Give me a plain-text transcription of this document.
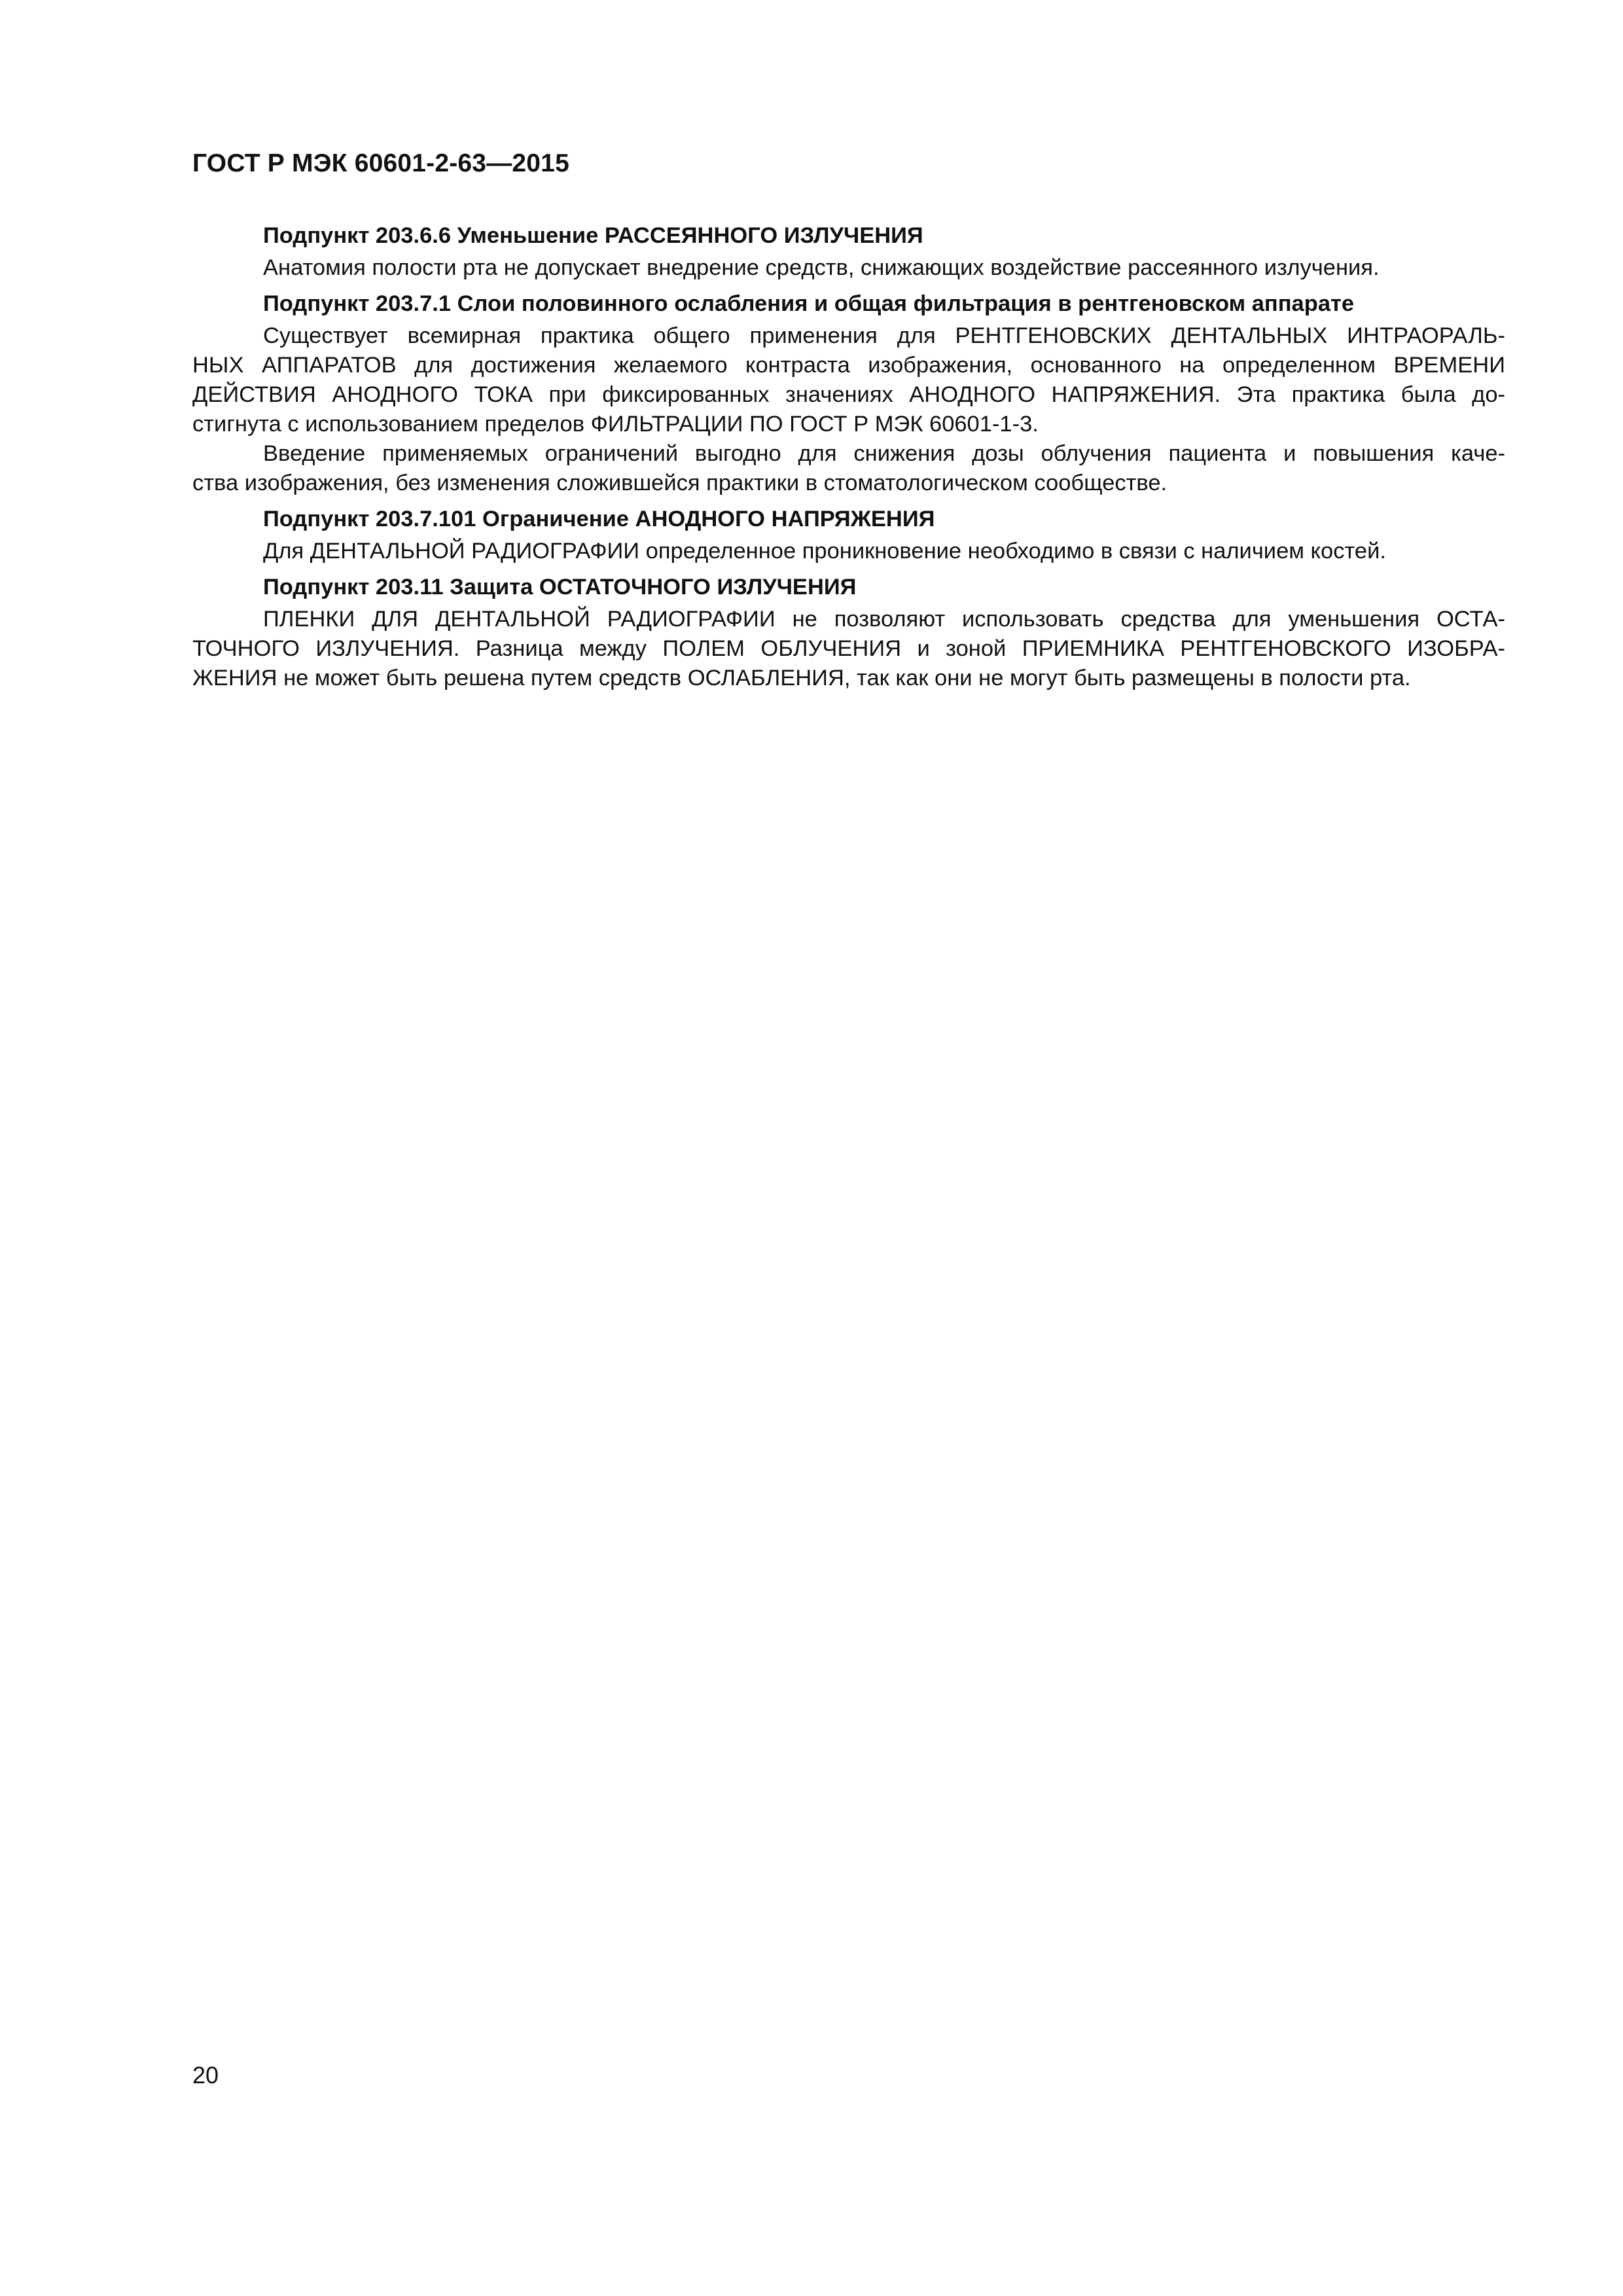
ГОСТ Р МЭК 60601-2-63—2015
Подпункт 203.6.6 Уменьшение РАССЕЯННОГО ИЗЛУЧЕНИЯ
Анатомия полости рта не допускает внедрение средств, снижающих воздействие рассеянного излучения.
Подпункт 203.7.1 Слои половинного ослабления и общая фильтрация в рентгеновском аппарате
Существует всемирная практика общего применения для РЕНТГЕНОВСКИХ ДЕНТАЛЬНЫХ ИНТРАОРАЛЬ-
НЫХ АППАРАТОВ для достижения желаемого контраста изображения, основанного на определенном ВРЕМЕНИ
ДЕЙСТВИЯ АНОДНОГО ТОКА при фиксированных значениях АНОДНОГО НАПРЯЖЕНИЯ. Эта практика была до-
стигнута с использованием пределов ФИЛЬТРАЦИИ ПО ГОСТ Р МЭК 60601-1-3.
Введение применяемых ограничений выгодно для снижения дозы облучения пациента и повышения каче-
ства изображения, без изменения сложившейся практики в стоматологическом сообществе.
Подпункт 203.7.101 Ограничение АНОДНОГО НАПРЯЖЕНИЯ
Для ДЕНТАЛЬНОЙ РАДИОГРАФИИ определенное проникновение необходимо в связи с наличием костей.
Подпункт 203.11 Защита ОСТАТОЧНОГО ИЗЛУЧЕНИЯ
ПЛЕНКИ ДЛЯ ДЕНТАЛЬНОЙ РАДИОГРАФИИ не позволяют использовать средства для уменьшения ОСТА-
ТОЧНОГО ИЗЛУЧЕНИЯ. Разница между ПОЛЕМ ОБЛУЧЕНИЯ и зоной ПРИЕМНИКА РЕНТГЕНОВСКОГО ИЗОБРА-
ЖЕНИЯ не может быть решена путем средств ОСЛАБЛЕНИЯ, так как они не могут быть размещены в полости рта.
20
